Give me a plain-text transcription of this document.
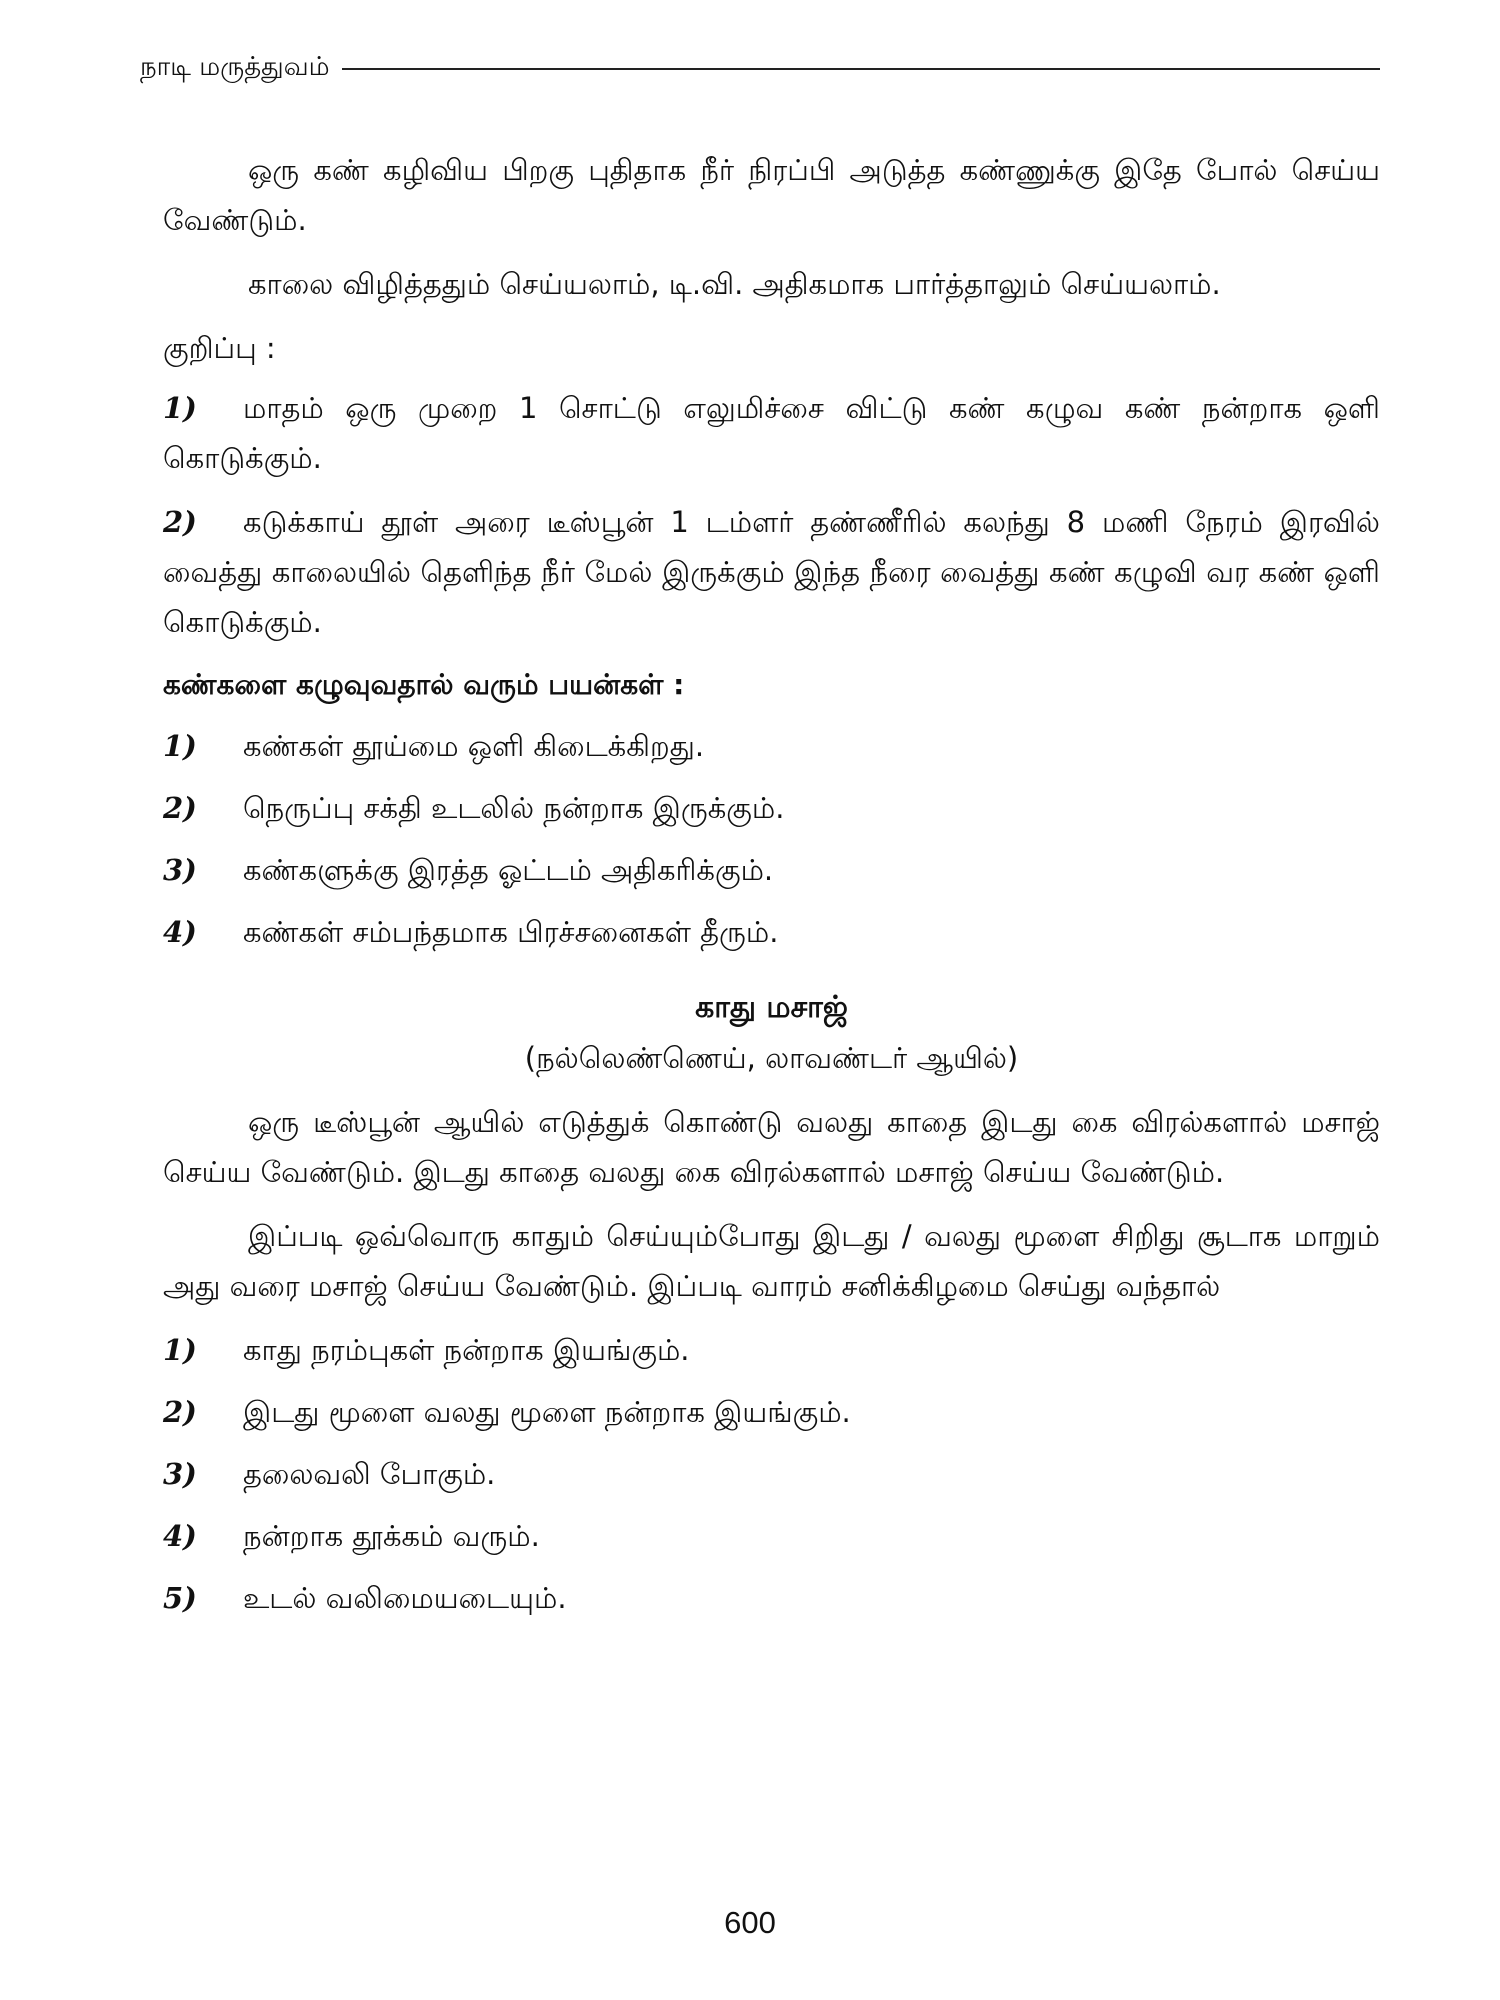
நாடி மருத்துவம்

ஒரு கண் கழிவிய பிறகு புதிதாக நீர் நிரப்பி அடுத்த கண்ணுக்கு இதே போல் செய்ய வேண்டும்.

காலை விழித்ததும் செய்யலாம், டி.வி. அதிகமாக பார்த்தாலும் செய்யலாம்.

குறிப்பு :

1) மாதம் ஒரு முறை 1 சொட்டு எலுமிச்சை விட்டு கண் கழுவ கண் நன்றாக ஒளி கொடுக்கும்.

2) கடுக்காய் தூள் அரை டீஸ்பூன் 1 டம்ளர் தண்ணீரில் கலந்து 8 மணி நேரம் இரவில் வைத்து காலையில் தெளிந்த நீர் மேல் இருக்கும் இந்த நீரை வைத்து கண் கழுவி வர கண் ஒளி கொடுக்கும்.

கண்களை கழுவுவதால் வரும் பயன்கள் :

1)	கண்கள் தூய்மை ஒளி கிடைக்கிறது.
2)	நெருப்பு சக்தி உடலில் நன்றாக இருக்கும்.
3)	கண்களுக்கு இரத்த ஓட்டம் அதிகரிக்கும்.
4)	கண்கள் சம்பந்தமாக பிரச்சனைகள் தீரும்.

காது மசாஜ்

(நல்லெண்ணெய், லாவண்டர் ஆயில்)

ஒரு டீஸ்பூன் ஆயில் எடுத்துக் கொண்டு வலது காதை இடது கை விரல்களால் மசாஜ் செய்ய வேண்டும். இடது காதை வலது கை விரல்களால் மசாஜ் செய்ய வேண்டும்.

இப்படி ஒவ்வொரு காதும் செய்யும்போது இடது / வலது மூளை சிறிது சூடாக மாறும் அது வரை மசாஜ் செய்ய வேண்டும். இப்படி வாரம் சனிக்கிழமை செய்து வந்தால்

1)	காது நரம்புகள் நன்றாக இயங்கும்.
2)	இடது மூளை வலது மூளை நன்றாக இயங்கும்.
3)	தலைவலி போகும்.
4)	நன்றாக தூக்கம் வரும்.
5)	உடல் வலிமையடையும்.
600
